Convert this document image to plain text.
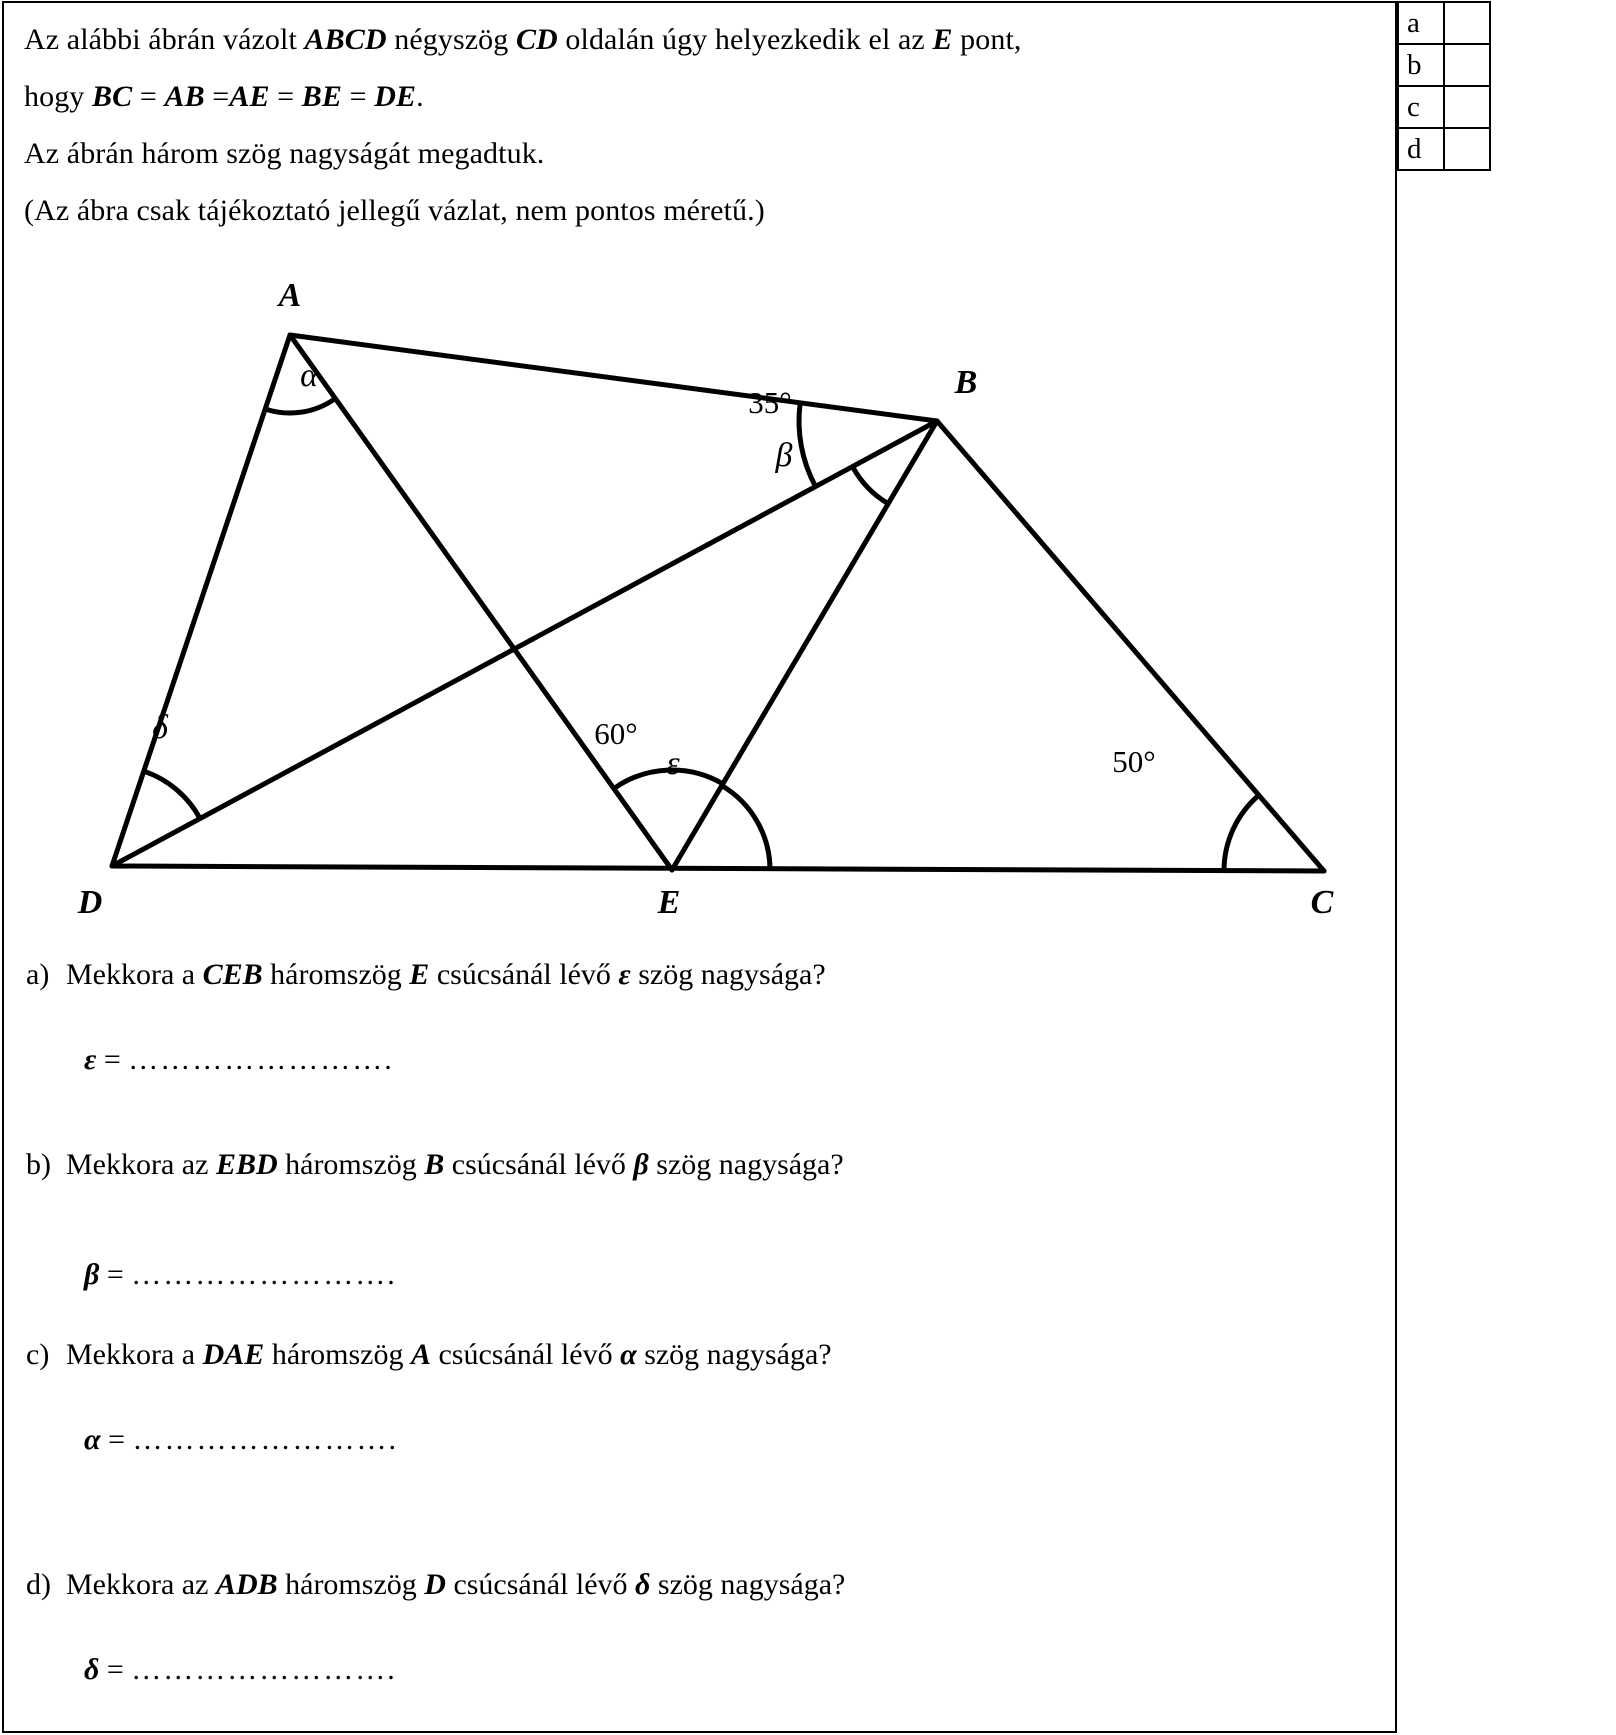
Az alábbi ábrán vázolt ABCD négyszög CD oldalán úgy helyezkedik el az E pont,
hogy BC = AB =AE = BE = DE.
Az ábrán három szög nagyságát megadtuk.
(Az ábra csak tájékoztató jellegű vázlat, nem pontos méretű.)
α
35°
β
50°
δ	60°
ε
A
B
C
D	E
a) Mekkora a CEB háromszög E csúcsánál lévő ε szög nagysága?
ε = …………………….
b) Mekkora az EBD háromszög B csúcsánál lévő β szög nagysága?
β = …………………….
c) Mekkora a DAE háromszög A csúcsánál lévő α szög nagysága?
α = …………………….
d) Mekkora az ADB háromszög D csúcsánál lévő δ szög nagysága?
δ = …………………….
a	
b	
c	
d	
